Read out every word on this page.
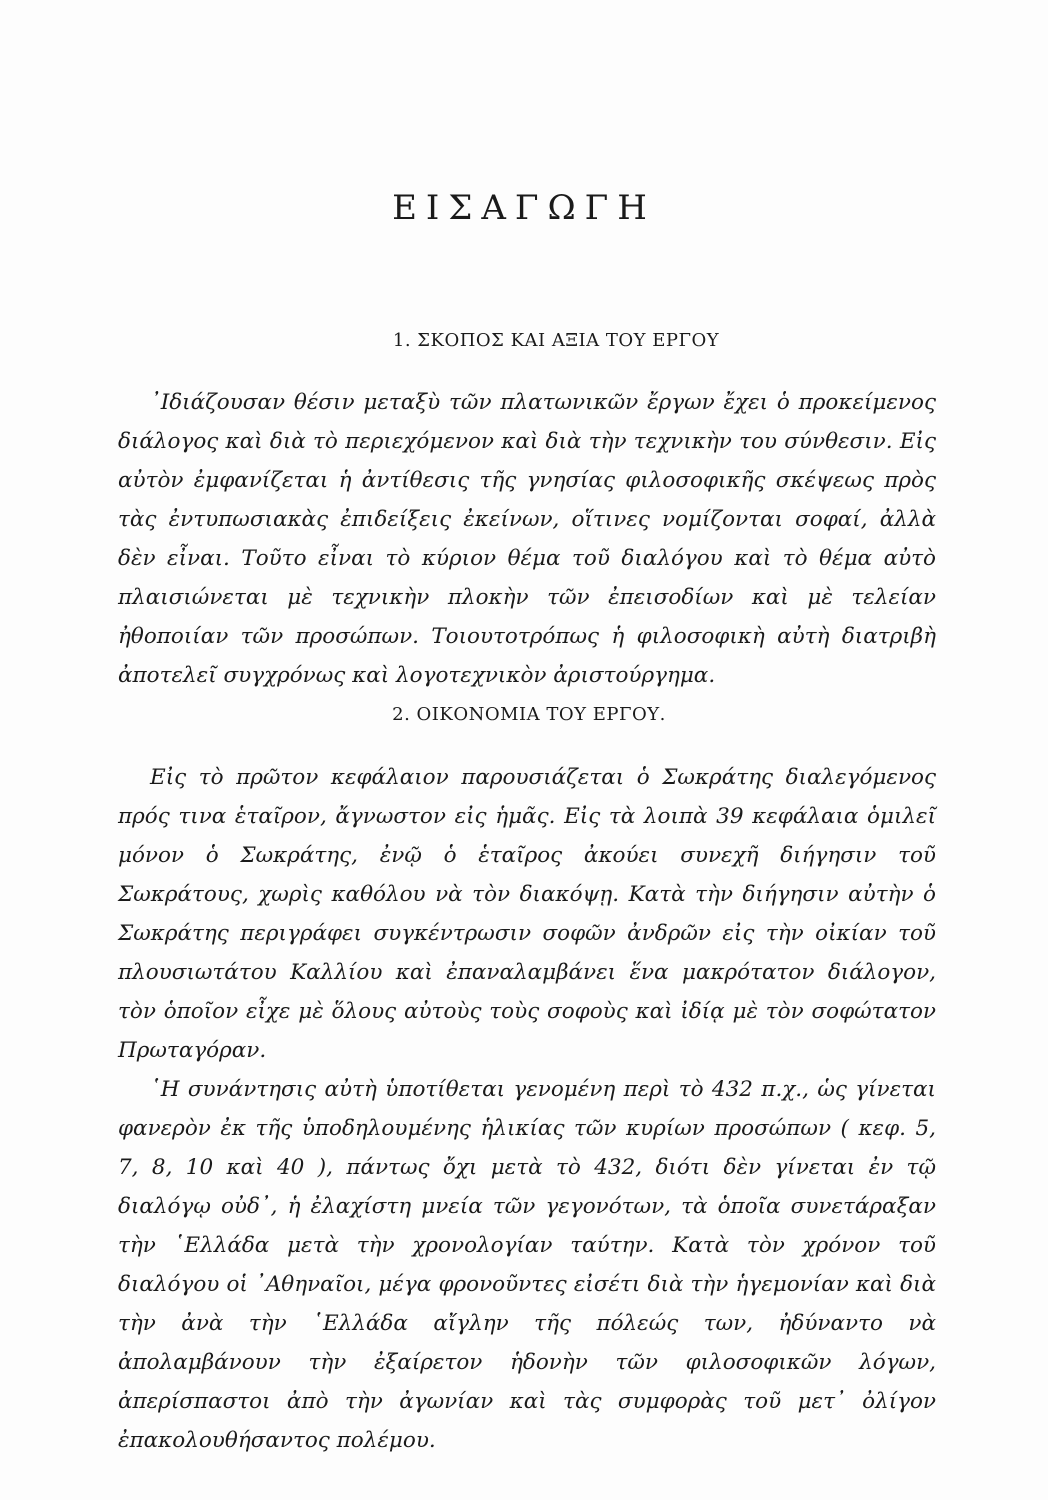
ΕΙΣΑΓΩΓΗ
1. ΣΚΟΠΟΣ ΚΑΙ ΑΞΙΑ ΤΟΥ ΕΡΓΟΥ

᾿Ιδιάζουσαν θέσιν μεταξὺ τῶν πλατωνικῶν ἔργων ἔχει ὁ προκείμενος διάλογος καὶ διὰ τὸ περιεχόμενον καὶ διὰ τὴν τεχνικὴν του σύνθεσιν. Εἰς αὐτὸν ἐμφανίζεται ἡ ἀντίθεσις τῆς γνησίας φιλοσοφικῆς σκέψεως πρὸς τὰς ἐντυπωσιακὰς ἐπιδείξεις ἐκείνων, οἵτινες νομίζονται σοφαί, ἀλλὰ δὲν εἶναι. Τοῦτο εἶναι τὸ κύριον θέμα τοῦ διαλόγου καὶ τὸ θέμα αὐτὸ πλαισιώνεται μὲ τεχνικὴν πλοκὴν τῶν ἐπεισοδίων καὶ μὲ τελείαν ἠθοποιίαν τῶν προσώπων. Τοιουτοτρόπως ἡ φιλοσοφικὴ αὐτὴ διατριβὴ ἀποτελεῖ συγχρόνως καὶ λογοτεχνικὸν ἀριστούργημα.

2. ΟΙΚΟΝΟΜΙΑ ΤΟΥ ΕΡΓΟΥ.

Εἰς τὸ πρῶτον κεφάλαιον παρουσιάζεται ὁ Σωκράτης διαλεγόμενος πρός τινα ἑταῖρον, ἄγνωστον εἰς ἡμᾶς. Εἰς τὰ λοιπὰ 39 κεφάλαια ὁμιλεῖ μόνον ὁ Σωκράτης, ἐνῷ ὁ ἑταῖρος ἀκούει συνεχῆ διήγησιν τοῦ Σωκράτους, χωρὶς καθόλου νὰ τὸν διακόψῃ. Κατὰ τὴν διήγησιν αὐτὴν ὁ Σωκράτης περιγράφει συγκέντρωσιν σοφῶν ἀνδρῶν εἰς τὴν οἰκίαν τοῦ πλουσιωτάτου Καλλίου καὶ ἐπαναλαμβάνει ἕνα μακρότατον διάλογον, τὸν ὁποῖον εἶχε μὲ ὅλους αὐτοὺς τοὺς σοφοὺς καὶ ἰδίᾳ μὲ τὸν σοφώτατον Πρωταγόραν.

῾Η συνάντησις αὐτὴ ὑποτίθεται γενομένη περὶ τὸ 432 π.χ., ὡς γίνεται φανερὸν ἐκ τῆς ὑποδηλουμένης ἡλικίας τῶν κυρίων προσώπων ( κεφ. 5, 7, 8, 10 καὶ 40 ), πάντως ὄχι μετὰ τὸ 432, διότι δὲν γίνεται ἐν τῷ διαλόγῳ οὐδ᾿, ἡ ἐλαχίστη μνεία τῶν γεγονότων, τὰ ὁποῖα συνετάραξαν τὴν ῾Ελλάδα μετὰ τὴν χρονολογίαν ταύτην. Κατὰ τὸν χρόνον τοῦ διαλόγου οἱ ᾿Αθηναῖοι, μέγα φρονοῦντες εἰσέτι διὰ τὴν ἡγεμονίαν καὶ διὰ τὴν ἀνὰ τὴν ῾Ελλάδα αἴγλην τῆς πόλεώς των, ἠδύναντο νὰ ἀπολαμβάνουν τὴν ἐξαίρετον ἡδονὴν τῶν φιλοσοφικῶν λόγων, ἀπερίσπαστοι ἀπὸ τὴν ἀγωνίαν καὶ τὰς συμφορὰς τοῦ μετ᾿ ὀλίγον ἐπακολουθήσαντος πολέμου.
